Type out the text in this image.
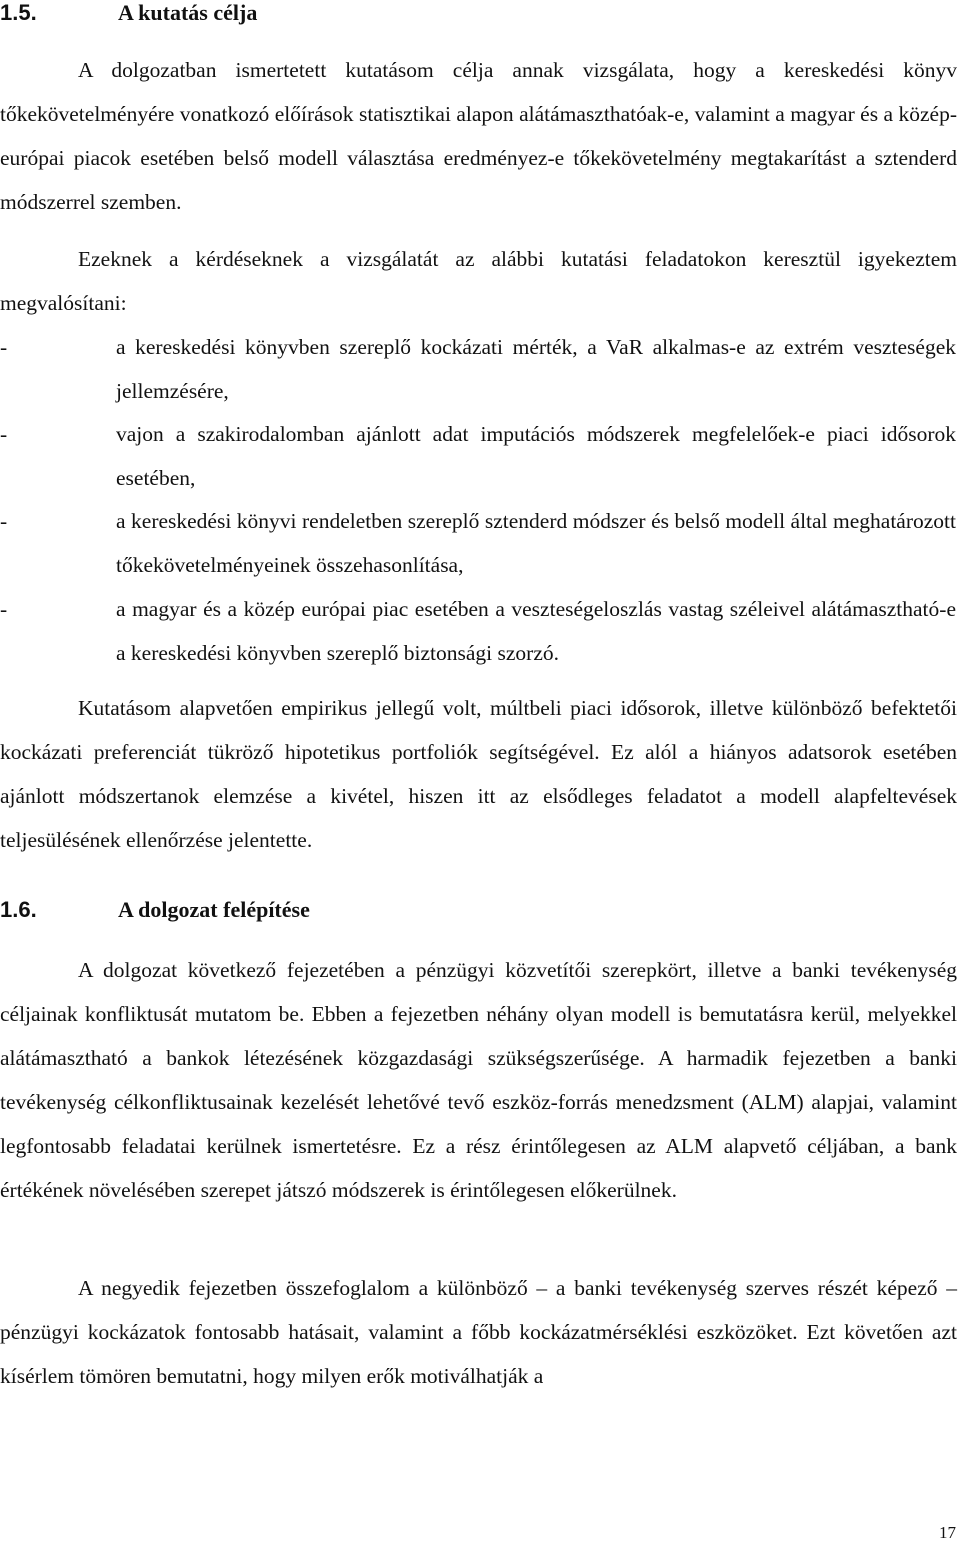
1.5.	A kutatás célja
A dolgozatban ismertetett kutatásom célja annak vizsgálata, hogy a kereskedési könyv tőkekövetelményére vonatkozó előírások statisztikai alapon alátámaszthatóak-e, valamint a magyar és a közép-európai piacok esetében belső modell választása eredményez-e tőkekövetelmény megtakarítást a sztenderd módszerrel szemben.
Ezeknek a kérdéseknek a vizsgálatát az alábbi kutatási feladatokon keresztül igyekeztem megvalósítani:
-	a kereskedési könyvben szereplő kockázati mérték, a VaR alkalmas-e az extrém veszteségek jellemzésére,
-	vajon a szakirodalomban ajánlott adat imputációs módszerek megfelelőek-e piaci idősorok esetében,
-	a kereskedési könyvi rendeletben szereplő sztenderd módszer és belső modell által meghatározott tőkekövetelményeinek összehasonlítása,
-	a magyar és a közép európai piac esetében a veszteségeloszlás vastag széleivel alátámasztható-e a kereskedési könyvben szereplő biztonsági szorzó.
Kutatásom alapvetően empirikus jellegű volt, múltbeli piaci idősorok, illetve különböző befektetői kockázati preferenciát tükröző hipotetikus portfoliók segítségével. Ez alól a hiányos adatsorok esetében ajánlott módszertanok elemzése a kivétel, hiszen itt az elsődleges feladatot a modell alapfeltevések teljesülésének ellenőrzése jelentette.
1.6.	A dolgozat felépítése
A dolgozat következő fejezetében a pénzügyi közvetítői szerepkört, illetve a banki tevékenység céljainak konfliktusát mutatom be. Ebben a fejezetben néhány olyan modell is bemutatásra kerül, melyekkel alátámasztható a bankok létezésének közgazdasági szükségszerűsége. A harmadik fejezetben a banki tevékenység célkonfliktusainak kezelését lehetővé tevő eszköz-forrás menedzsment (ALM) alapjai, valamint legfontosabb feladatai kerülnek ismertetésre. Ez a rész érintőlegesen az ALM alapvető céljában, a bank értékének növelésében szerepet játszó módszerek is érintőlegesen előkerülnek.
A negyedik fejezetben összefoglalom a különböző – a banki tevékenység szerves részét képező – pénzügyi kockázatok fontosabb hatásait, valamint a főbb kockázatmérséklési eszközöket. Ezt követően azt kísérlem tömören bemutatni, hogy milyen erők motiválhatják a
17
